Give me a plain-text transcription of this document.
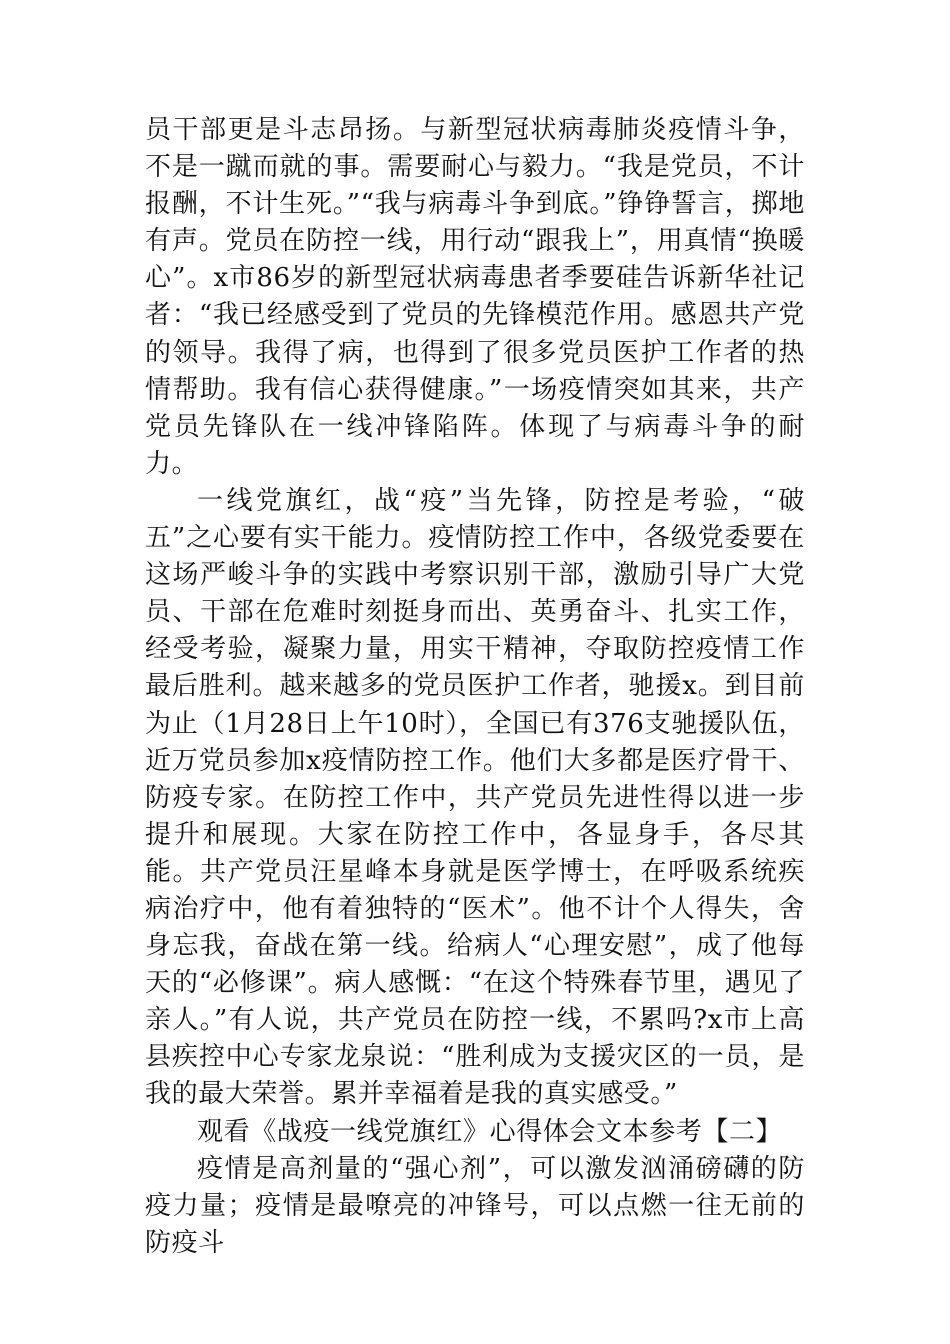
员干部更是斗志昂扬。与新型冠状病毒肺炎疫情斗争，不是一蹴而就的事。需要耐心与毅力。“我是党员，不计报酬，不计生死。”“我与病毒斗争到底。”铮铮誓言，掷地有声。党员在防控一线，用行动“跟我上”，用真情“换暖心”。x市86岁的新型冠状病毒患者季要硅告诉新华社记者：“我已经感受到了党员的先锋模范作用。感恩共产党的领导。我得了病，也得到了很多党员医护工作者的热情帮助。我有信心获得健康。”一场疫情突如其来，共产党员先锋队在一线冲锋陷阵。体现了与病毒斗争的耐力。

一线党旗红，战“疫”当先锋，防控是考验，“破五”之心要有实干能力。疫情防控工作中，各级党委要在这场严峻斗争的实践中考察识别干部，激励引导广大党员、干部在危难时刻挺身而出、英勇奋斗、扎实工作，经受考验，凝聚力量，用实干精神，夺取防控疫情工作最后胜利。越来越多的党员医护工作者，驰援x。到目前为止（1月28日上午10时），全国已有376支驰援队伍，近万党员参加x疫情防控工作。他们大多都是医疗骨干、防疫专家。在防控工作中，共产党员先进性得以进一步提升和展现。大家在防控工作中，各显身手，各尽其能。共产党员汪星峰本身就是医学博士，在呼吸系统疾病治疗中，他有着独特的“医术”。他不计个人得失，舍身忘我，奋战在第一线。给病人“心理安慰”，成了他每天的“必修课”。病人感慨：“在这个特殊春节里，遇见了亲人。”有人说，共产党员在防控一线，不累吗?x市上高县疾控中心专家龙泉说：“胜利成为支援灾区的一员，是我的最大荣誉。累并幸福着是我的真实感受。”

观看《战疫一线党旗红》心得体会文本参考【二】

疫情是高剂量的“强心剂”，可以激发汹涌磅礴的防疫力量；疫情是最嘹亮的冲锋号，可以点燃一往无前的防疫斗
